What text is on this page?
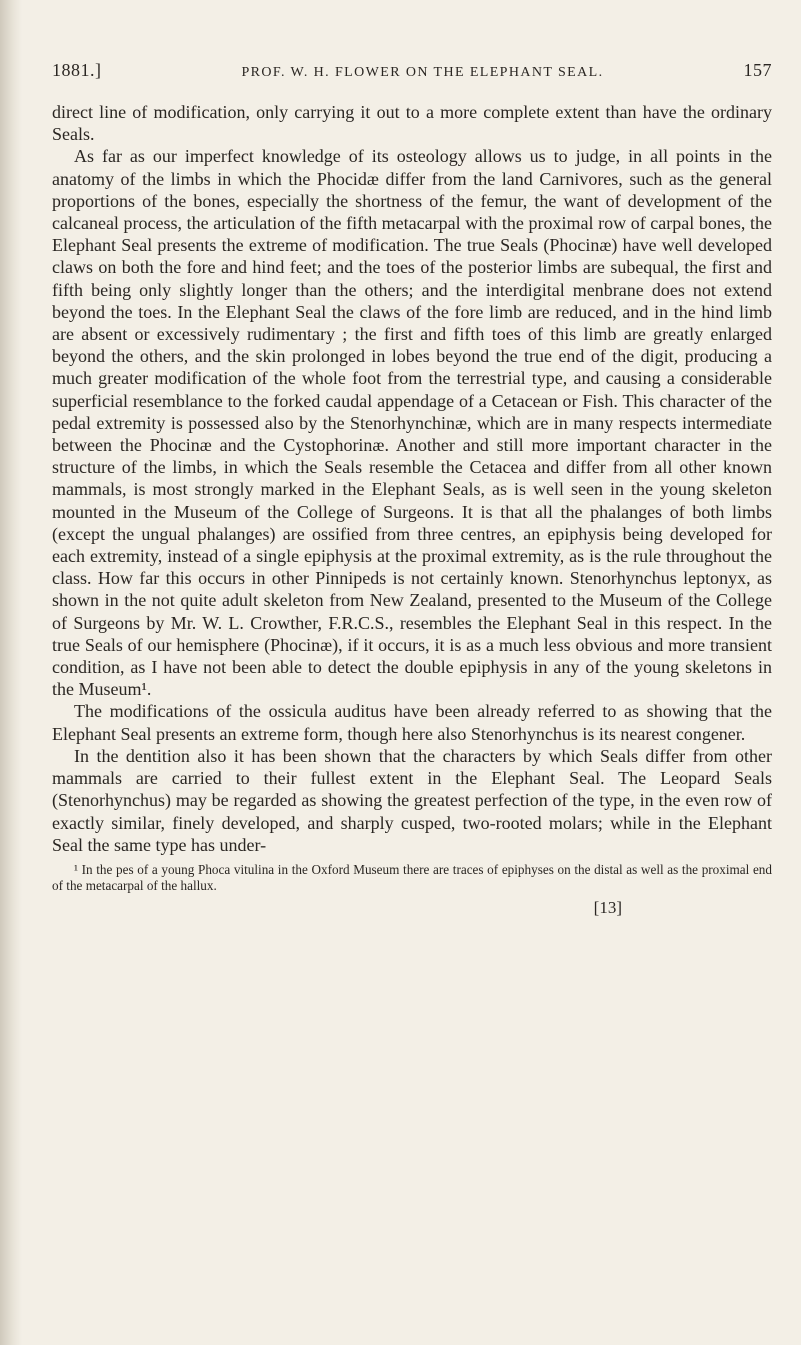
1881.]	PROF. W. H. FLOWER ON THE ELEPHANT SEAL.	157

direct line of modification, only carrying it out to a more complete extent than have the ordinary Seals.

As far as our imperfect knowledge of its osteology allows us to judge, in all points in the anatomy of the limbs in which the Phocidæ differ from the land Carnivores, such as the general proportions of the bones, especially the shortness of the femur, the want of development of the calcaneal process, the articulation of the fifth metacarpal with the proximal row of carpal bones, the Elephant Seal presents the extreme of modification. The true Seals (Phocinæ) have well developed claws on both the fore and hind feet; and the toes of the posterior limbs are subequal, the first and fifth being only slightly longer than the others; and the interdigital menbrane does not extend beyond the toes. In the Elephant Seal the claws of the fore limb are reduced, and in the hind limb are absent or excessively rudimentary ; the first and fifth toes of this limb are greatly enlarged beyond the others, and the skin prolonged in lobes beyond the true end of the digit, producing a much greater modification of the whole foot from the terrestrial type, and causing a considerable superficial resemblance to the forked caudal appendage of a Cetacean or Fish. This character of the pedal extremity is possessed also by the Stenorhynchinæ, which are in many respects intermediate between the Phocinæ and the Cystophorinæ. Another and still more important character in the structure of the limbs, in which the Seals resemble the Cetacea and differ from all other known mammals, is most strongly marked in the Elephant Seals, as is well seen in the young skeleton mounted in the Museum of the College of Surgeons. It is that all the phalanges of both limbs (except the ungual phalanges) are ossified from three centres, an epiphysis being developed for each extremity, instead of a single epiphysis at the proximal extremity, as is the rule throughout the class. How far this occurs in other Pinnipeds is not certainly known. Stenorhynchus leptonyx, as shown in the not quite adult skeleton from New Zealand, presented to the Museum of the College of Surgeons by Mr. W. L. Crowther, F.R.C.S., resembles the Elephant Seal in this respect. In the true Seals of our hemisphere (Phocinæ), if it occurs, it is as a much less obvious and more transient condition, as I have not been able to detect the double epiphysis in any of the young skeletons in the Museum¹.

The modifications of the ossicula auditus have been already referred to as showing that the Elephant Seal presents an extreme form, though here also Stenorhynchus is its nearest congener.

In the dentition also it has been shown that the characters by which Seals differ from other mammals are carried to their fullest extent in the Elephant Seal. The Leopard Seals (Stenorhynchus) may be regarded as showing the greatest perfection of the type, in the even row of exactly similar, finely developed, and sharply cusped, two-rooted molars; while in the Elephant Seal the same type has under-

¹ In the pes of a young Phoca vitulina in the Oxford Museum there are traces of epiphyses on the distal as well as the proximal end of the metacarpal of the hallux.
[13]
